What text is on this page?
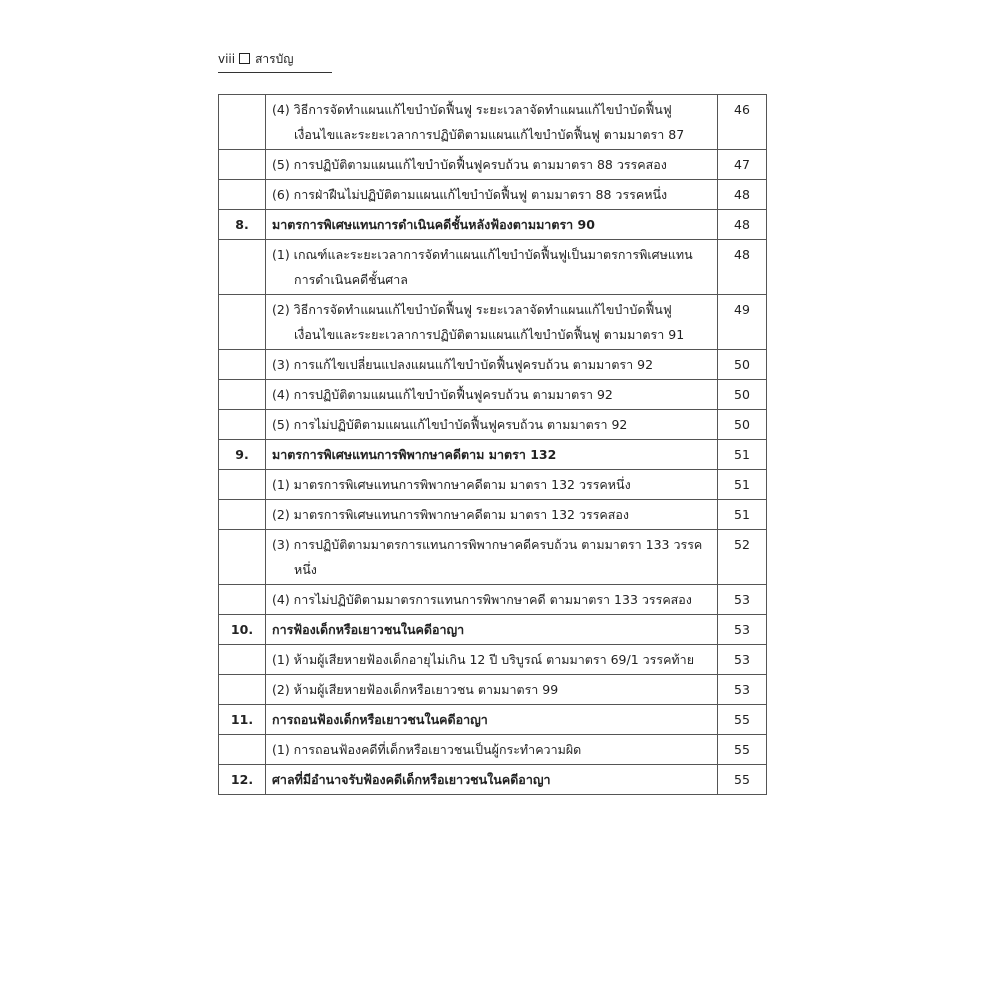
viii สารบัญ

	(4) วิธีการจัดทำแผนแก้ไขบำบัดฟื้นฟู ระยะเวลาจัดทำแผนแก้ไขบำบัดฟื้นฟู เงื่อนไขและระยะเวลาการปฏิบัติตามแผนแก้ไขบำบัดฟื้นฟู ตามมาตรา 87	46

	(5) การปฏิบัติตามแผนแก้ไขบำบัดฟื้นฟูครบถ้วน ตามมาตรา 88 วรรคสอง	47

	(6) การฝ่าฝืนไม่ปฏิบัติตามแผนแก้ไขบำบัดฟื้นฟู ตามมาตรา 88 วรรคหนึ่ง	48
8.	มาตรการพิเศษแทนการดำเนินคดีชั้นหลังฟ้องตามมาตรา 90	48

	(1) เกณฑ์และระยะเวลาการจัดทำแผนแก้ไขบำบัดฟื้นฟูเป็นมาตรการพิเศษแทนการดำเนินคดีชั้นศาล	48

	(2) วิธีการจัดทำแผนแก้ไขบำบัดฟื้นฟู ระยะเวลาจัดทำแผนแก้ไขบำบัดฟื้นฟู เงื่อนไขและระยะเวลาการปฏิบัติตามแผนแก้ไขบำบัดฟื้นฟู ตามมาตรา 91	49

	(3) การแก้ไขเปลี่ยนแปลงแผนแก้ไขบำบัดฟื้นฟูครบถ้วน ตามมาตรา 92	50

	(4) การปฏิบัติตามแผนแก้ไขบำบัดฟื้นฟูครบถ้วน ตามมาตรา 92	50

	(5) การไม่ปฏิบัติตามแผนแก้ไขบำบัดฟื้นฟูครบถ้วน ตามมาตรา 92	50
9.	มาตรการพิเศษแทนการพิพากษาคดีตาม มาตรา 132	51

	(1) มาตรการพิเศษแทนการพิพากษาคดีตาม มาตรา 132 วรรคหนึ่ง	51

	(2) มาตรการพิเศษแทนการพิพากษาคดีตาม มาตรา 132 วรรคสอง	51

	(3) การปฏิบัติตามมาตรการแทนการพิพากษาคดีครบถ้วน ตามมาตรา 133 วรรคหนึ่ง	52

	(4) การไม่ปฏิบัติตามมาตรการแทนการพิพากษาคดี ตามมาตรา 133 วรรคสอง	53
10.	การฟ้องเด็กหรือเยาวชนในคดีอาญา	53

	(1) ห้ามผู้เสียหายฟ้องเด็กอายุไม่เกิน 12 ปี บริบูรณ์ ตามมาตรา 69/1 วรรคท้าย	53

	(2) ห้ามผู้เสียหายฟ้องเด็กหรือเยาวชน ตามมาตรา 99	53
11.	การถอนฟ้องเด็กหรือเยาวชนในคดีอาญา	55

	(1) การถอนฟ้องคดีที่เด็กหรือเยาวชนเป็นผู้กระทำความผิด	55
12.	ศาลที่มีอำนาจรับฟ้องคดีเด็กหรือเยาวชนในคดีอาญา	55
